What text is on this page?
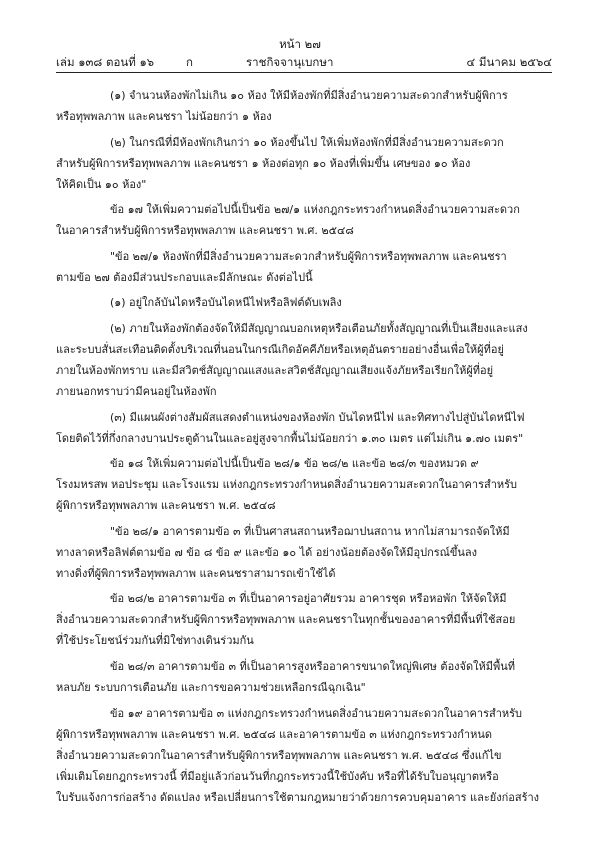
หน้า ๒๗
เล่ม ๑๓๘ ตอนที่ ๑๖	ก	ราชกิจจานุเบกษา	๔ มีนาคม ๒๕๖๔
(๑) จำนวนห้องพักไม่เกิน ๑๐ ห้อง ให้มีห้องพักที่มีสิ่งอำนวยความสะดวกสำหรับผู้พิการ
หรือทุพพลภาพ และคนชรา ไม่น้อยกว่า ๑ ห้อง
(๒) ในกรณีที่มีห้องพักเกินกว่า ๑๐ ห้องขึ้นไป ให้เพิ่มห้องพักที่มีสิ่งอำนวยความสะดวก
สำหรับผู้พิการหรือทุพพลภาพ และคนชรา ๑ ห้องต่อทุก ๑๐ ห้องที่เพิ่มขึ้น เศษของ ๑๐ ห้อง
ให้คิดเป็น ๑๐ ห้อง"
ข้อ ๑๗ ให้เพิ่มความต่อไปนี้เป็นข้อ ๒๗/๑ แห่งกฎกระทรวงกำหนดสิ่งอำนวยความสะดวก
ในอาคารสำหรับผู้พิการหรือทุพพลภาพ และคนชรา พ.ศ. ๒๕๔๘
"ข้อ ๒๗/๑ ห้องพักที่มีสิ่งอำนวยความสะดวกสำหรับผู้พิการหรือทุพพลภาพ และคนชรา
ตามข้อ ๒๗ ต้องมีส่วนประกอบและมีลักษณะ ดังต่อไปนี้
(๑) อยู่ใกล้บันไดหรือบันไดหนีไฟหรือลิฟต์ดับเพลิง
(๒) ภายในห้องพักต้องจัดให้มีสัญญาณบอกเหตุหรือเตือนภัยทั้งสัญญาณที่เป็นเสียงและแสง
และระบบสั่นสะเทือนติดตั้งบริเวณที่นอนในกรณีเกิดอัคคีภัยหรือเหตุอันตรายอย่างอื่นเพื่อให้ผู้ที่อยู่
ภายในห้องพักทราบ และมีสวิตช์สัญญาณแสงและสวิตช์สัญญาณเสียงแจ้งภัยหรือเรียกให้ผู้ที่อยู่
ภายนอกทราบว่ามีคนอยู่ในห้องพัก
(๓) มีแผนผังต่างสัมผัสแสดงตำแหน่งของห้องพัก บันไดหนีไฟ และทิศทางไปสู่บันไดหนีไฟ
โดยติดไว้ที่กึ่งกลางบานประตูด้านในและอยู่สูงจากพื้นไม่น้อยกว่า ๑.๓๐ เมตร แต่ไม่เกิน ๑.๗๐ เมตร"
ข้อ ๑๘ ให้เพิ่มความต่อไปนี้เป็นข้อ ๒๘/๑ ข้อ ๒๘/๒ และข้อ ๒๘/๓ ของหมวด ๙
โรงมหรสพ หอประชุม และโรงแรม แห่งกฎกระทรวงกำหนดสิ่งอำนวยความสะดวกในอาคารสำหรับ
ผู้พิการหรือทุพพลภาพ และคนชรา พ.ศ. ๒๕๔๘
"ข้อ ๒๘/๑ อาคารตามข้อ ๓ ที่เป็นศาสนสถานหรือฌาปนสถาน หากไม่สามารถจัดให้มี
ทางลาดหรือลิฟต์ตามข้อ ๗ ข้อ ๘ ข้อ ๙ และข้อ ๑๐ ได้ อย่างน้อยต้องจัดให้มีอุปกรณ์ขึ้นลง
ทางดิ่งที่ผู้พิการหรือทุพพลภาพ และคนชราสามารถเข้าใช้ได้
ข้อ ๒๘/๒ อาคารตามข้อ ๓ ที่เป็นอาคารอยู่อาศัยรวม อาคารชุด หรือหอพัก ให้จัดให้มี
สิ่งอำนวยความสะดวกสำหรับผู้พิการหรือทุพพลภาพ และคนชราในทุกชั้นของอาคารที่มีพื้นที่ใช้สอย
ที่ใช้ประโยชน์ร่วมกันที่มิใช่ทางเดินร่วมกัน
ข้อ ๒๘/๓ อาคารตามข้อ ๓ ที่เป็นอาคารสูงหรืออาคารขนาดใหญ่พิเศษ ต้องจัดให้มีพื้นที่
หลบภัย ระบบการเตือนภัย และการขอความช่วยเหลือกรณีฉุกเฉิน"
ข้อ ๑๙ อาคารตามข้อ ๓ แห่งกฎกระทรวงกำหนดสิ่งอำนวยความสะดวกในอาคารสำหรับ
ผู้พิการหรือทุพพลภาพ และคนชรา พ.ศ. ๒๕๔๘ และอาคารตามข้อ ๓ แห่งกฎกระทรวงกำหนด
สิ่งอำนวยความสะดวกในอาคารสำหรับผู้พิการหรือทุพพลภาพ และคนชรา พ.ศ. ๒๕๔๘ ซึ่งแก้ไข
เพิ่มเติมโดยกฎกระทรวงนี้ ที่มีอยู่แล้วก่อนวันที่กฎกระทรวงนี้ใช้บังคับ หรือที่ได้รับใบอนุญาตหรือ
ใบรับแจ้งการก่อสร้าง ดัดแปลง หรือเปลี่ยนการใช้ตามกฎหมายว่าด้วยการควบคุมอาคาร และยังก่อสร้าง
